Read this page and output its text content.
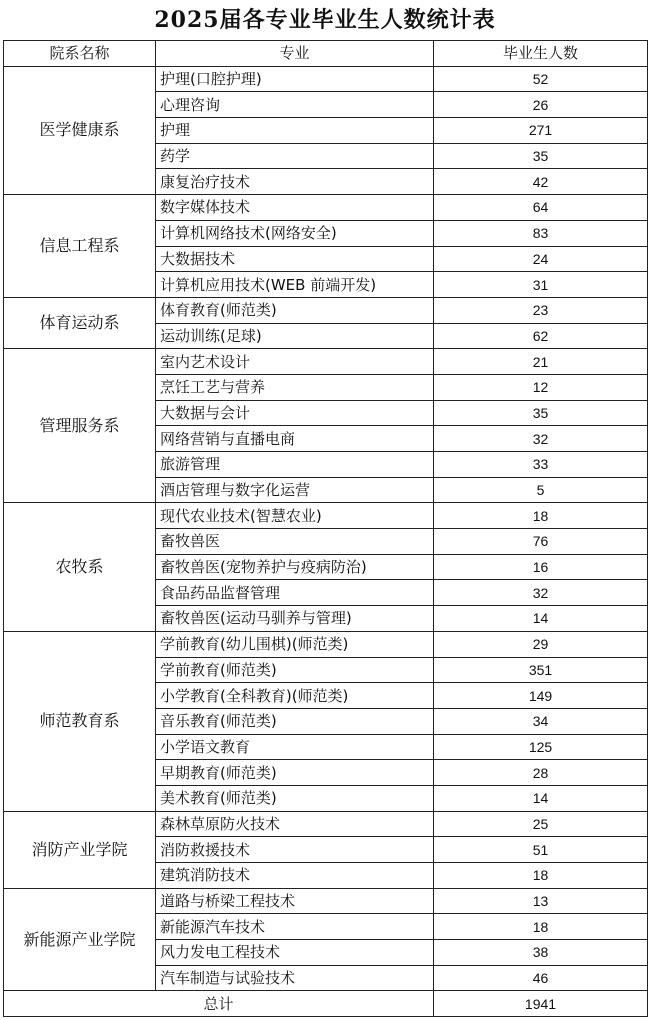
2025届各专业毕业生人数统计表
院系名称	专业	毕业生人数
医学健康系	护理(口腔护理)	52
	心理咨询	26
	护理	271
	药学	35
	康复治疗技术	42
信息工程系	数字媒体技术	64
	计算机网络技术(网络安全)	83
	大数据技术	24
	计算机应用技术(WEB 前端开发)	31
体育运动系	体育教育(师范类)	23
	运动训练(足球)	62
管理服务系	室内艺术设计	21
	烹饪工艺与营养	12
	大数据与会计	35
	网络营销与直播电商	32
	旅游管理	33
	酒店管理与数字化运营	5
农牧系	现代农业技术(智慧农业)	18
	畜牧兽医	76
	畜牧兽医(宠物养护与疫病防治)	16
	食品药品监督管理	32
	畜牧兽医(运动马驯养与管理)	14
师范教育系	学前教育(幼儿围棋)(师范类)	29
	学前教育(师范类)	351
	小学教育(全科教育)(师范类)	149
	音乐教育(师范类)	34
	小学语文教育	125
	早期教育(师范类)	28
	美术教育(师范类)	14
消防产业学院	森林草原防火技术	25
	消防救援技术	51
	建筑消防技术	18
新能源产业学院	道路与桥梁工程技术	13
	新能源汽车技术	18
	风力发电工程技术	38
	汽车制造与试验技术	46
总计		1941
